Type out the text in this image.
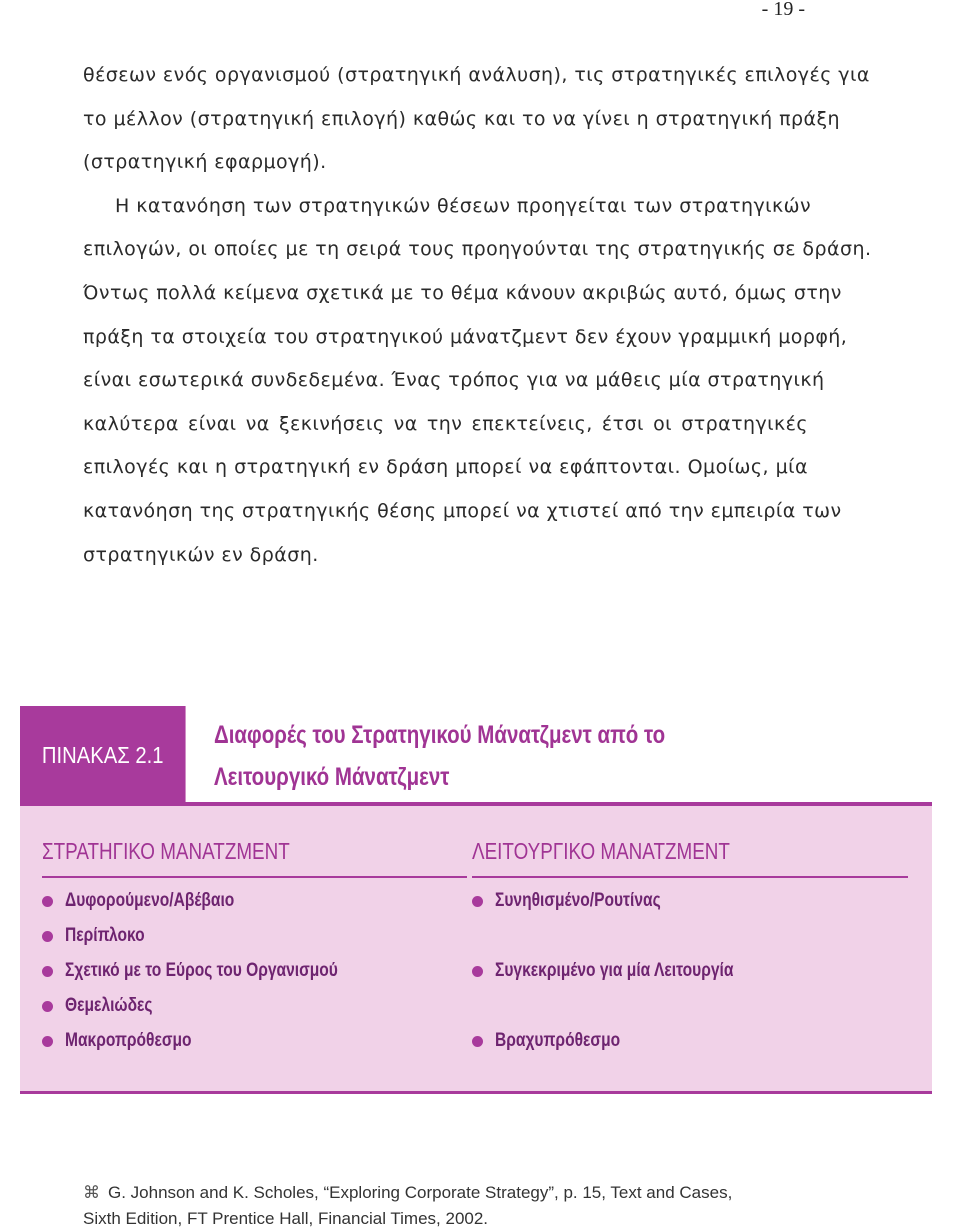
- 19 -
θέσεων ενός οργανισμού (στρατηγική ανάλυση), τις στρατηγικές επιλογές για
το μέλλον (στρατηγική επιλογή) καθώς και το να γίνει η στρατηγική πράξη
(στρατηγική εφαρμογή).
Η κατανόηση των στρατηγικών θέσεων προηγείται των στρατηγικών
επιλογών, οι οποίες με τη σειρά τους προηγούνται της στρατηγικής σε δράση.
Όντως πολλά κείμενα σχετικά με το θέμα κάνουν ακριβώς αυτό, όμως στην
πράξη τα στοιχεία του στρατηγικού μάνατζμεντ δεν έχουν γραμμική μορφή,
είναι εσωτερικά συνδεδεμένα. Ένας τρόπος για να μάθεις μία στρατηγική
καλύτερα είναι να ξεκινήσεις να την επεκτείνεις, έτσι οι στρατηγικές
επιλογές και η στρατηγική εν δράση μπορεί να εφάπτονται. Ομοίως, μία
κατανόηση της στρατηγικής θέσης μπορεί να χτιστεί από την εμπειρία των
στρατηγικών εν δράση.
ΠΙΝΑΚΑΣ 2.1
Διαφορές του Στρατηγικού Μάνατζμεντ από το
Λειτουργικό Μάνατζμεντ
ΣΤΡΑΤΗΓΙΚΟ ΜΑΝΑΤΖΜΕΝΤ
Δυφορούμενο/Αβέβαιο
Περίπλοκο
Σχετικό με το Εύρος του Οργανισμού
Θεμελιώδες
Μακροπρόθεσμο
ΛΕΙΤΟΥΡΓΙΚΟ ΜΑΝΑΤΖΜΕΝΤ
Συνηθισμένο/Ρουτίνας
Συγκεκριμένο για μία Λειτουργία
Βραχυπρόθεσμο
⌘ G. Johnson and K. Scholes, “Exploring Corporate Strategy”, p. 15, Text and Cases,
Sixth Edition, FT Prentice Hall, Financial Times, 2002.
